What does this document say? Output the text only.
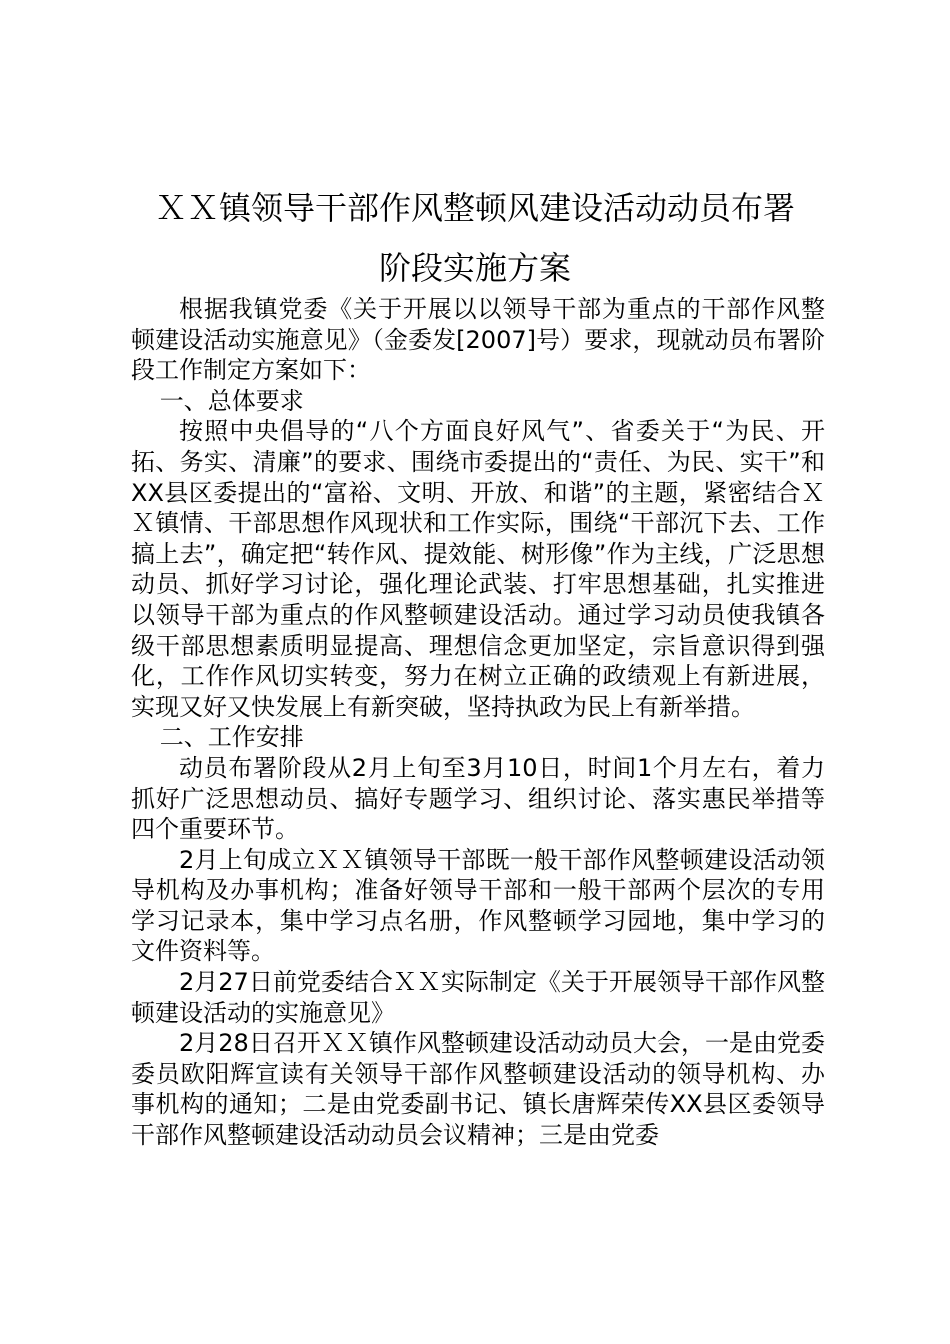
ＸＸ镇领导干部作风整顿风建设活动动员布署
阶段实施方案

根据我镇党委《关于开展以以领导干部为重点的干部作风整顿建设活动实施意见》（金委发[2007]号）要求，现就动员布署阶段工作制定方案如下：

一、总体要求

按照中央倡导的“八个方面良好风气”、省委关于“为民、开拓、务实、清廉”的要求、围绕市委提出的“责任、为民、实干”和XX县区委提出的“富裕、文明、开放、和谐”的主题，紧密结合ＸＸ镇情、干部思想作风现状和工作实际，围绕“干部沉下去、工作搞上去”，确定把“转作风、提效能、树形像”作为主线，广泛思想动员、抓好学习讨论，强化理论武装、打牢思想基础，扎实推进以领导干部为重点的作风整顿建设活动。通过学习动员使我镇各级干部思想素质明显提高、理想信念更加坚定，宗旨意识得到强化，工作作风切实转变，努力在树立正确的政绩观上有新进展，实现又好又快发展上有新突破，坚持执政为民上有新举措。

二、工作安排

动员布署阶段从2月上旬至3月10日，时间1个月左右，着力抓好广泛思想动员、搞好专题学习、组织讨论、落实惠民举措等四个重要环节。

2月上旬成立ＸＸ镇领导干部既一般干部作风整顿建设活动领导机构及办事机构；准备好领导干部和一般干部两个层次的专用学习记录本，集中学习点名册，作风整顿学习园地，集中学习的文件资料等。

2月27日前党委结合ＸＸ实际制定《关于开展领导干部作风整顿建设活动的实施意见》

2月28日召开ＸＸ镇作风整顿建设活动动员大会，一是由党委委员欧阳辉宣读有关领导干部作风整顿建设活动的领导机构、办事机构的通知；二是由党委副书记、镇长唐辉荣传XX县区委领导干部作风整顿建设活动动员会议精神；三是由党委
